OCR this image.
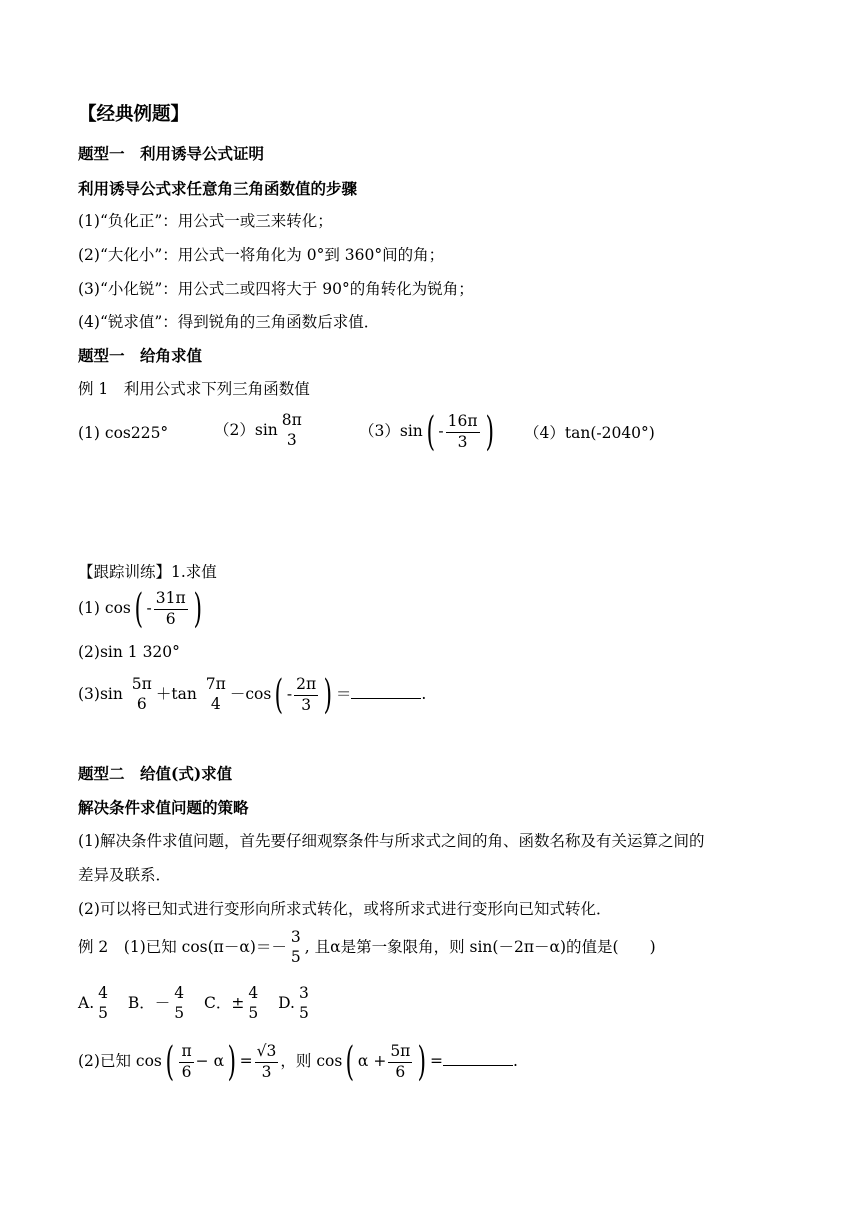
【经典例题】
题型一　利用诱导公式证明
利用诱导公式求任意角三角函数值的步骤
(1)“负化正”：用公式一或三来转化；
(2)“大化小”：用公式一将角化为 0°到 360°间的角；
(3)“小化锐”：用公式二或四将大于 90°的角转化为锐角；
(4)“锐求值”：得到锐角的三角函数后求值．
题型一　给角求值
例 1　利用公式求下列三角函数值
(1) cos225°	（2）sin
8π
3	（3）sin ( - $\frac{16\pi}{3}$ ) （4）tan(-2040°)
【跟踪训练】1.求值
(1) cos ( - $\frac{31\pi}{6}$ )
(2)sin 1 320°
(3)sin
5π
6
＋tan
7π
4
－cos ( - $\frac{2\pi}{3}$ ) ＝	.
题型二　给值(式)求值
解决条件求值问题的策略
(1)解决条件求值问题，首先要仔细观察条件与所求式之间的角、函数名称及有关运算之间的
差异及联系．
(2)可以将已知式进行变形向所求式转化，或将所求式进行变形向已知式转化．
例 2　(1)已知 cos(π－α)＝－
3
5
, 且α是第一象限角，则 sin(－2π－α)的值是(　　)
A.
4
5
B．－
4
5
C．±
4
5
D.
3
5
(2)已知 cos ( $\frac{\pi}{6} - \alpha$ ) = $\frac{√3}{3}$ ，则 cos ( $\alpha + \frac{5\pi}{6}$ ) =	.
